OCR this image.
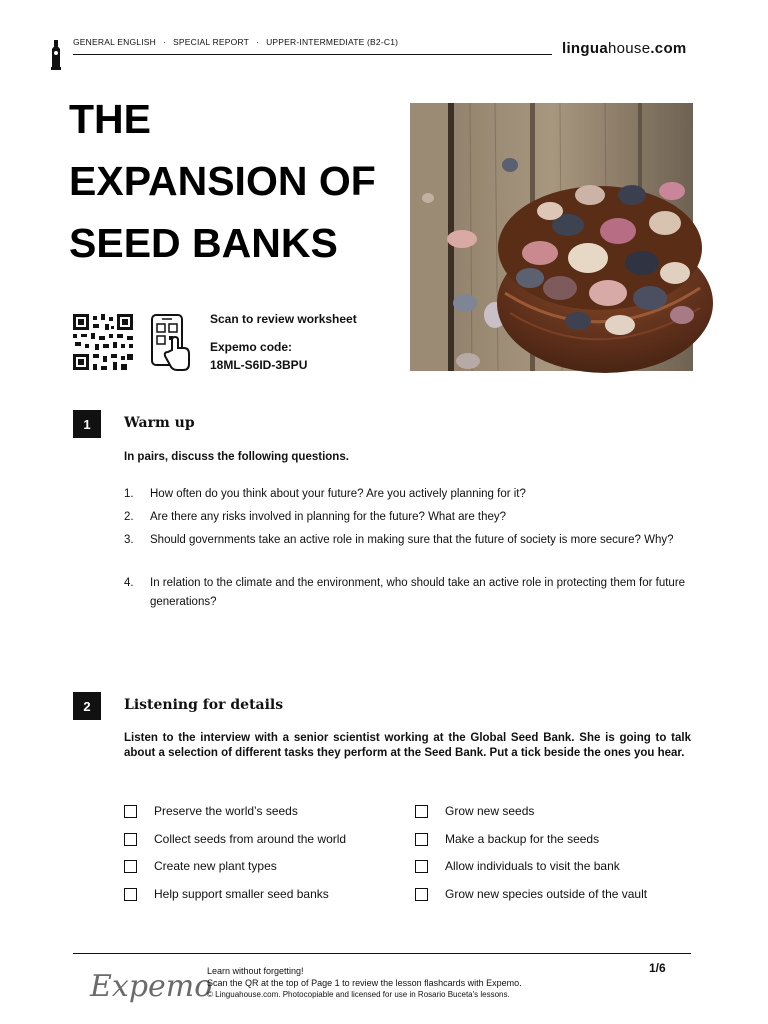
GENERAL ENGLISH · SPECIAL REPORT · UPPER-INTERMEDIATE (B2-C1)	linguahouse.com
THE
EXPANSION OF
SEED BANKS
Scan to review worksheet
Expemo code:
18ML-S6ID-3BPU
1	Warm up
In pairs, discuss the following questions.
1.	How often do you think about your future? Are you actively planning for it?
2.	Are there any risks involved in planning for the future? What are they?
3.	Should governments take an active role in making sure that the future of society is more secure? Why?
4.	In relation to the climate and the environment, who should take an active role in protecting them for future generations?
2	Listening for details
Listen to the interview with a senior scientist working at the Global Seed Bank. She is going to talk about a selection of different tasks they perform at the Seed Bank. Put a tick beside the ones you hear.
Preserve the world’s seeds
Collect seeds from around the world
Create new plant types
Help support smaller seed banks
Grow new seeds
Make a backup for the seeds
Allow individuals to visit the bank
Grow new species outside of the vault
Expemo
Learn without forgetting!
Scan the QR at the top of Page 1 to review the lesson flashcards with Expemo.
© Linguahouse.com. Photocopiable and licensed for use in Rosario Buceta's lessons.
1/6
